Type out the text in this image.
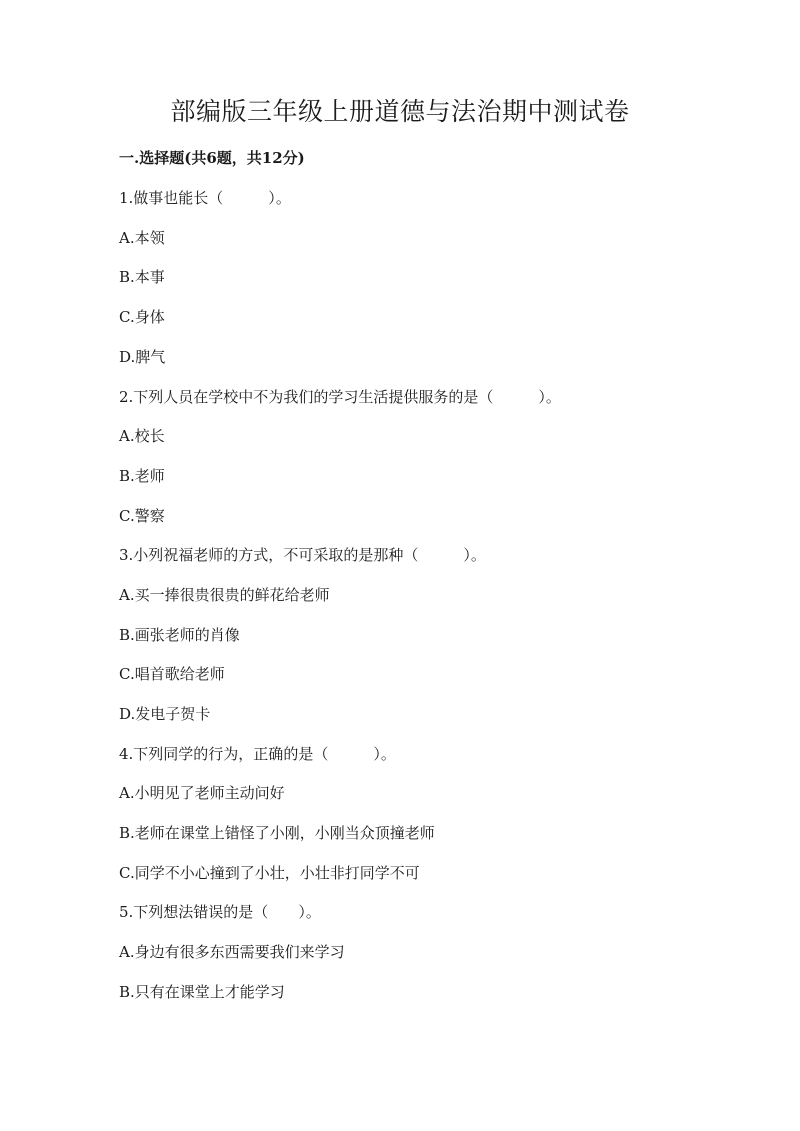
部编版三年级上册道德与法治期中测试卷
一.选择题(共6题，共12分)
1.做事也能长（　　　）。
A.本领
B.本事
C.身体
D.脾气
2.下列人员在学校中不为我们的学习生活提供服务的是（　　　）。
A.校长
B.老师
C.警察
3.小列祝福老师的方式，不可采取的是那种（　　　）。
A.买一捧很贵很贵的鲜花给老师
B.画张老师的肖像
C.唱首歌给老师
D.发电子贺卡
4.下列同学的行为，正确的是（　　　）。
A.小明见了老师主动问好
B.老师在课堂上错怪了小刚，小刚当众顶撞老师
C.同学不小心撞到了小壮，小壮非打同学不可
5.下列想法错误的是（　　）。
A.身边有很多东西需要我们来学习
B.只有在课堂上才能学习
